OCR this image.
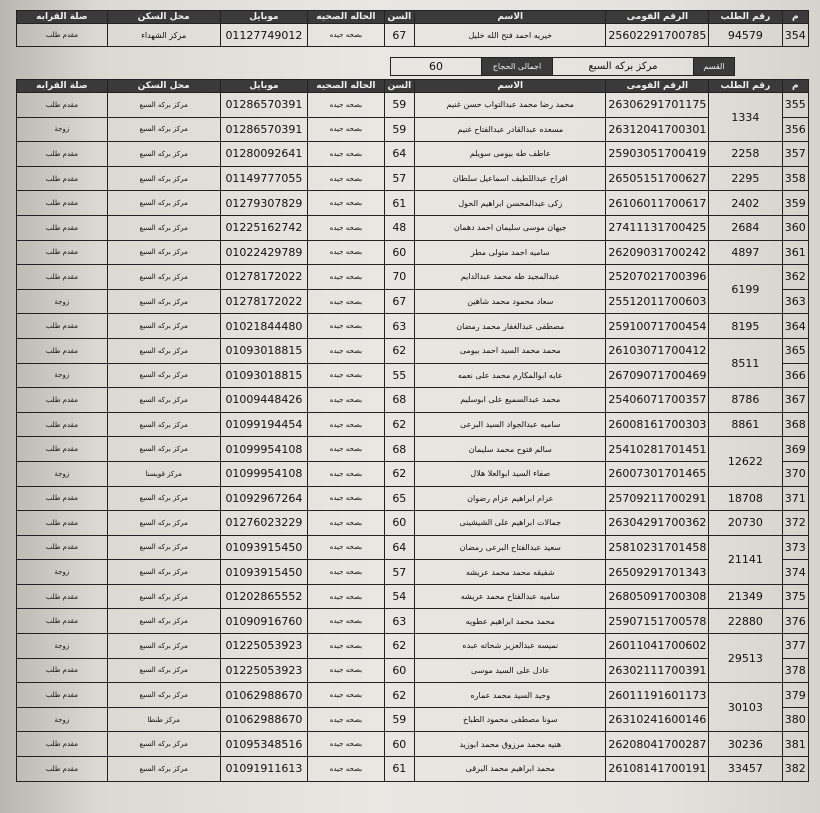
م	رقم الطلب	الرقم القومى	الاسم	السن	الحاله الصحيه	موبايل	محل السكن	صلة القرابه
354	94579	25602291700785	خيريه احمد فتح الله خليل	67	بصحه جيده	01127749012	مركز الشهداء	مقدم طلب
القسم	مركز بركه السبع	اجمالى الحجاج	60
م	رقم الطلب	الرقم القومى	الاسم	السن	الحاله الصحيه	موبايل	محل السكن	صلة القرابه
355	1334	26306291701175	محمد رضا محمد عبدالتواب حسن غنيم	59	بصحه جيده	01286570391	مركز بركه السبع	مقدم طلب
356		26312041700301	مسعده عبدالقادر عبدالفتاح غنيم	59	بصحه جيده	01286570391	مركز بركه السبع	زوجة
357	2258	25903051700419	عاطف طه بيومى سويلم	64	بصحه جيده	01280092641	مركز بركه السبع	مقدم طلب
358	2295	26505151700627	افراح عبداللطيف اسماعيل سلطان	57	بصحه جيده	01149777055	مركز بركه السبع	مقدم طلب
359	2402	26106011700617	زكى عبدالمحسن ابراهيم الحول	61	بصحه جيده	01279307829	مركز بركه السبع	مقدم طلب
360	2684	27411131700425	جيهان موسى سليمان احمد دهمان	48	بصحه جيده	01225162742	مركز بركه السبع	مقدم طلب
361	4897	26209031700242	ساميه احمد متولى مطر	60	بصحه جيده	01022429789	مركز بركه السبع	مقدم طلب
362	6199	25207021700396	عبدالمجيد طه محمد عبدالدايم	70	بصحه جيده	01278172022	مركز بركه السبع	مقدم طلب
363		25512011700603	سعاد محمود محمد شاهين	67	بصحه جيده	01278172022	مركز بركه السبع	زوجة
364	8195	25910071700454	مصطفى عبدالغفار محمد رمضان	63	بصحه جيده	01021844480	مركز بركه السبع	مقدم طلب
365	8511	26103071700412	محمد محمد السيد احمد بيومى	62	بصحه جيده	01093018815	مركز بركه السبع	مقدم طلب
366		26709071700469	عايه ابوالمكارم محمد على نعمه	55	بصحه جيده	01093018815	مركز بركه السبع	زوجة
367	8786	25406071700357	محمد عبدالسميع على ابوسليم	68	بصحه جيده	01009448426	مركز بركه السبع	مقدم طلب
368	8861	26008161700303	ساميه عبدالجواد السيد البرعى	62	بصحه جيده	01099194454	مركز بركه السبع	مقدم طلب
369	12622	25410281701451	سالم فتوح محمد سليمان	68	بصحه جيده	01099954108	مركز بركه السبع	مقدم طلب
370		26007301701465	صفاء السيد ابوالعلا هلال	62	بصحه جيده	01099954108	مركز قويسنا	زوجة
371	18708	25709211700291	عزام ابراهيم عزام رضوان	65	بصحه جيده	01092967264	مركز بركه السبع	مقدم طلب
372	20730	26304291700362	جمالات ابراهيم على الشيشينى	60	بصحه جيده	01276023229	مركز بركه السبع	مقدم طلب
373	21141	25810231701458	سعيد عبدالفتاح البرعى رمضان	64	بصحه جيده	01093915450	مركز بركه السبع	مقدم طلب
374		26509291701343	شفيقه محمد محمد عريشه	57	بصحه جيده	01093915450	مركز بركه السبع	زوجة
375	21349	26805091700308	ساميه عبدالفتاح محمد عريشه	54	بصحه جيده	01202865552	مركز بركه السبع	مقدم طلب
376	22880	25907151700578	محمد محمد ابراهيم عطويه	63	بصحه جيده	01090916760	مركز بركه السبع	مقدم طلب
377	29513	26011041700602	نميسه عبدالعزيز شحاته عبده	62	بصحه جيده	01225053923	مركز بركه السبع	زوجة
378		26302111700391	عادل على السيد موسى	60	بصحه جيده	01225053923	مركز بركه السبع	مقدم طلب
379	30103	26011191601173	وحيد السيد محمد عماره	62	بصحه جيده	01062988670	مركز بركه السبع	مقدم طلب
380		26310241600146	سونا مصطفى محمود الطباخ	59	بصحه جيده	01062988670	مركز طنطا	زوجة
381	30236	26208041700287	هنيه محمد مرزوق محمد ابوزيد	60	بصحه جيده	01095348516	مركز بركه السبع	مقدم طلب
382	33457	26108141700191	محمد ابراهيم محمد البرقى	61	بصحه جيده	01091911613	مركز بركه السبع	مقدم طلب
